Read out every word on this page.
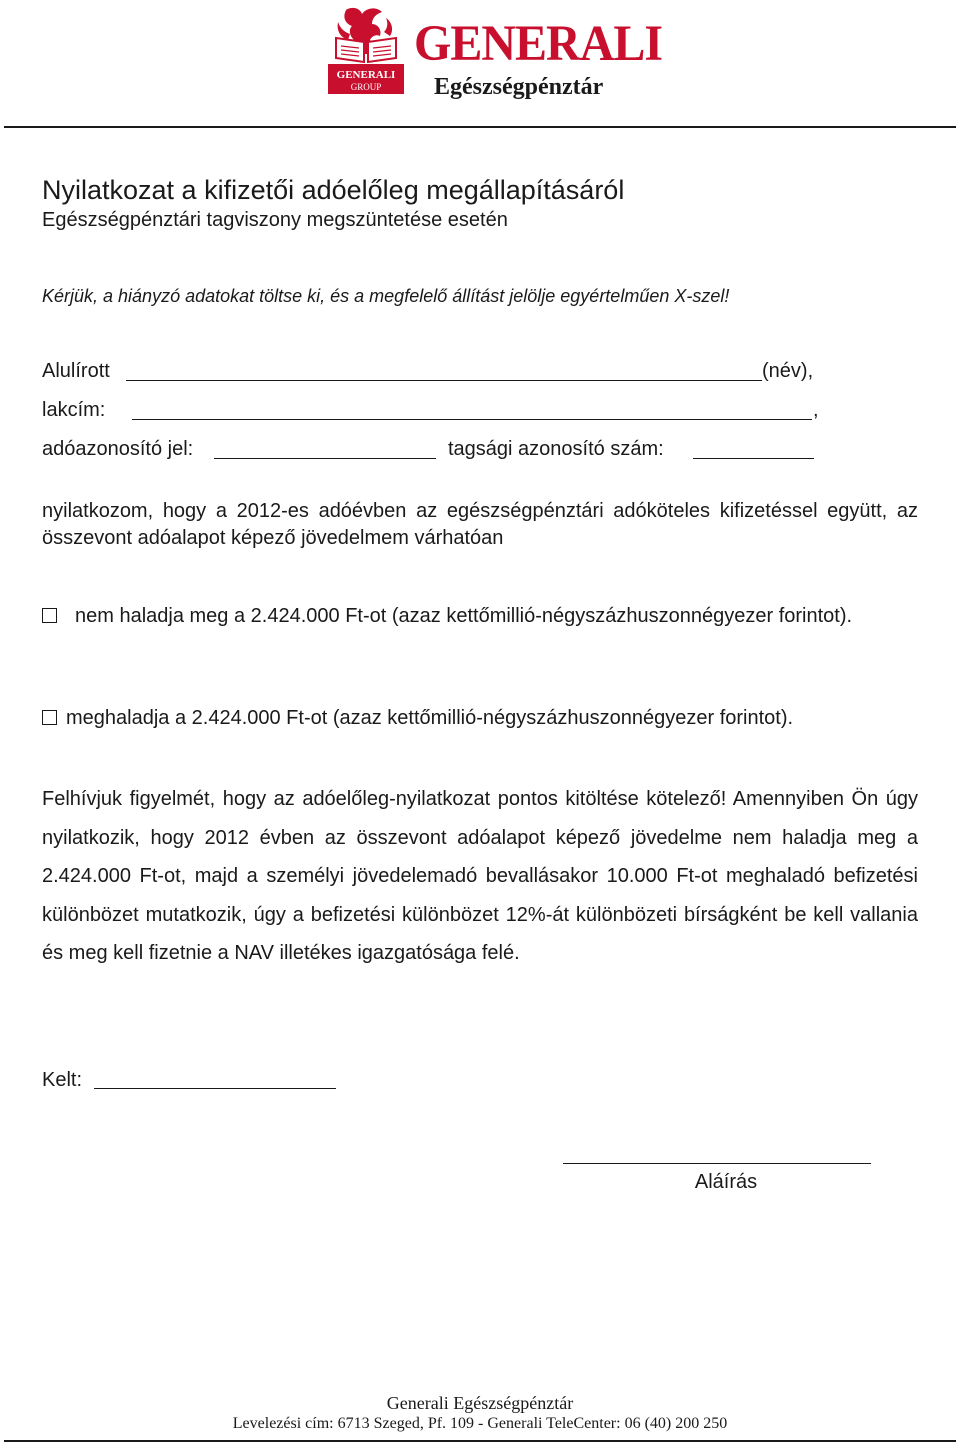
GENERALI
GROUP
GENERALI
Egészségpénztár
Nyilatkozat a kifizetői adóelőleg megállapításáról
Egészségpénztári tagviszony megszüntetése esetén
Kérjük, a hiányzó adatokat töltse ki, és a megfelelő állítást jelölje egyértelműen X-szel!
Alulírott	(név),
lakcím:	,
adóazonosító jel:	tagsági azonosító szám:
nyilatkozom, hogy a 2012-es adóévben az egészségpénztári adóköteles kifizetéssel együtt, az összevont adóalapot képező jövedelmem várhatóan
nem haladja meg a 2.424.000 Ft-ot (azaz kettőmillió-négyszázhuszonnégyezer forintot).
meghaladja a 2.424.000 Ft-ot (azaz kettőmillió-négyszázhuszonnégyezer forintot).
Felhívjuk figyelmét, hogy az adóelőleg-nyilatkozat pontos kitöltése kötelező! Amennyiben Ön úgy nyilatkozik, hogy 2012 évben az összevont adóalapot képező jövedelme nem haladja meg a 2.424.000 Ft-ot, majd a személyi jövedelemadó bevallásakor 10.000 Ft-ot meghaladó befizetési különbözet mutatkozik, úgy a befizetési különbözet 12%-át különbözeti bírságként be kell vallania és meg kell fizetnie a NAV illetékes igazgatósága felé.
Kelt:
Aláírás
Generali Egészségpénztár
Levelezési cím: 6713 Szeged, Pf. 109 - Generali TeleCenter: 06 (40) 200 250
